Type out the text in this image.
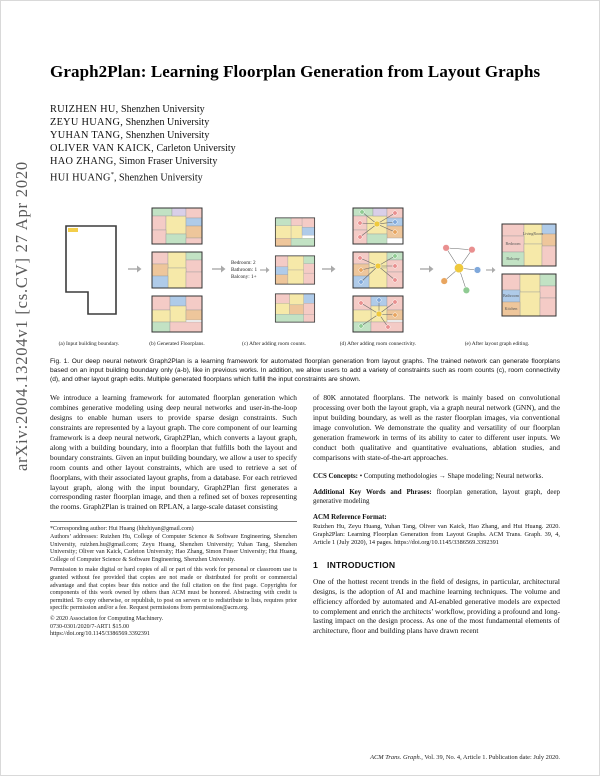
arXiv:2004.13204v1 [cs.CV] 27 Apr 2020
Graph2Plan: Learning Floorplan Generation from Layout Graphs
RUIZHEN HU, Shenzhen University
ZEYU HUANG, Shenzhen University
YUHAN TANG, Shenzhen University
OLIVER VAN KAICK, Carleton University
HAO ZHANG, Simon Fraser University
HUI HUANG*, Shenzhen University
(a) Input building boundary.	(b) Generated Floorplans.
Bedroom: 2
Bathroom: 1
Balcony: 1+
(c) After adding room counts.	(d) After adding room connectivity.
LivingRoom
Bedroom
Balcony
Bathroom
Kitchen
(e) After layout graph editing.

Fig. 1. Our deep neural network Graph2Plan is a learning framework for automated floorplan generation from layout graphs. The trained network can generate floorplans based on an input building boundary only (a-b), like in previous works. In addition, we allow users to add a variety of constraints such as room counts (c), room connectivity (d), and other layout graph edits. Multiple generated floorplans which fulfill the input constraints are shown.

We introduce a learning framework for automated floorplan generation which combines generative modeling using deep neural networks and user-in-the-loop designs to enable human users to provide sparse design constraints. Such constraints are represented by a layout graph. The core component of our learning framework is a deep neural network, Graph2Plan, which converts a layout graph, along with a building boundary, into a floorplan that fulfills both the layout and boundary constraints. Given an input building boundary, we allow a user to specify room counts and other layout constraints, which are used to retrieve a set of floorplans, with their associated layout graphs, from a database. For each retrieved layout graph, along with the input boundary, Graph2Plan first generates a corresponding raster floorplan image, and then a refined set of boxes representing the rooms. Graph2Plan is trained on RPLAN, a large-scale dataset consisting

*Corresponding author: Hui Huang (hhzhiyan@gmail.com)

Authors’ addresses: Ruizhen Hu, College of Computer Science & Software Engineering, Shenzhen University, ruizhen.hu@gmail.com; Zeyu Huang, Shenzhen University; Yuhan Tang, Shenzhen University; Oliver van Kaick, Carleton University; Hao Zhang, Simon Fraser University; Hui Huang, College of Computer Science & Software Engineering, Shenzhen University.

Permission to make digital or hard copies of all or part of this work for personal or classroom use is granted without fee provided that copies are not made or distributed for profit or commercial advantage and that copies bear this notice and the full citation on the first page. Copyrights for components of this work owned by others than ACM must be honored. Abstracting with credit is permitted. To copy otherwise, or republish, to post on servers or to redistribute to lists, requires prior specific permission and/or a fee. Request permissions from permissions@acm.org.

© 2020 Association for Computing Machinery.

0730-0301/2020/7-ART1 $15.00

https://doi.org/10.1145/3386569.3392391

of 80K annotated floorplans. The network is mainly based on convolutional processing over both the layout graph, via a graph neural network (GNN), and the input building boundary, as well as the raster floorplan images, via conventional image convolution. We demonstrate the quality and versatility of our floorplan generation framework in terms of its ability to cater to different user inputs. We conduct both qualitative and quantitative evaluations, ablation studies, and comparisons with state-of-the-art approaches.

CCS Concepts: • Computing methodologies → Shape modeling; Neural networks.

Additional Key Words and Phrases: floorplan generation, layout graph, deep generative modeling

ACM Reference Format:

Ruizhen Hu, Zeyu Huang, Yuhan Tang, Oliver van Kaick, Hao Zhang, and Hui Huang. 2020. Graph2Plan: Learning Floorplan Generation from Layout Graphs. ACM Trans. Graph. 39, 4, Article 1 (July 2020), 14 pages. https://doi.org/10.1145/3386569.3392391

1 INTRODUCTION

One of the hottest recent trends in the field of designs, in particular, architectural designs, is the adoption of AI and machine learning techniques. The volume and efficiency afforded by automated and AI-enabled generative models are expected to complement and enrich the architects’ workflow, providing a profound and long-lasting impact on the design process. As one of the most fundamental elements of architecture, floor and building plans have drawn recent

ACM Trans. Graph., Vol. 39, No. 4, Article 1. Publication date: July 2020.
